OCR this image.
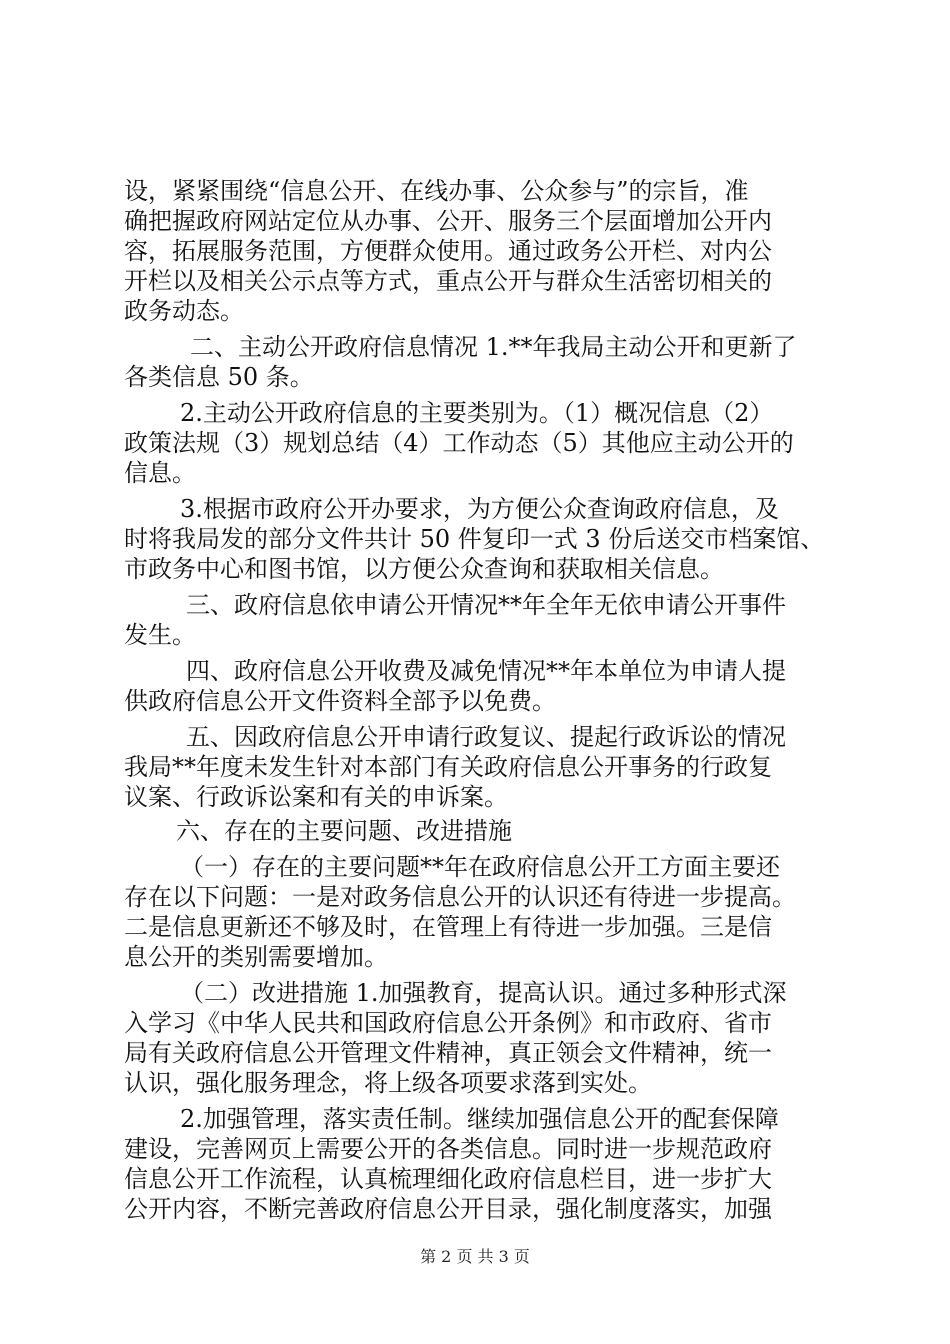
设，紧紧围绕“信息公开、在线办事、公众参与”的宗旨，准
确把握政府网站定位从办事、公开、服务三个层面增加公开内
容，拓展服务范围，方便群众使用。通过政务公开栏、对内公
开栏以及相关公示点等方式，重点公开与群众生活密切相关的
政务动态。
二、主动公开政府信息情况 1.**年我局主动公开和更新了
各类信息 50 条。
2.主动公开政府信息的主要类别为。（1）概况信息（2）
政策法规（3）规划总结（4）工作动态（5）其他应主动公开的
信息。
3.根据市政府公开办要求，为方便公众查询政府信息，及
时将我局发的部分文件共计 50 件复印一式 3 份后送交市档案馆、
市政务中心和图书馆，以方便公众查询和获取相关信息。
三、政府信息依申请公开情况**年全年无依申请公开事件
发生。
四、政府信息公开收费及减免情况**年本单位为申请人提
供政府信息公开文件资料全部予以免费。
五、因政府信息公开申请行政复议、提起行政诉讼的情况
我局**年度未发生针对本部门有关政府信息公开事务的行政复
议案、行政诉讼案和有关的申诉案。
六、存在的主要问题、改进措施
（一）存在的主要问题**年在政府信息公开工方面主要还
存在以下问题：一是对政务信息公开的认识还有待进一步提高。
二是信息更新还不够及时，在管理上有待进一步加强。三是信
息公开的类别需要增加。
（二）改进措施 1.加强教育，提高认识。通过多种形式深
入学习《中华人民共和国政府信息公开条例》和市政府、省市
局有关政府信息公开管理文件精神，真正领会文件精神，统一
认识，强化服务理念，将上级各项要求落到实处。
2.加强管理，落实责任制。继续加强信息公开的配套保障
建设，完善网页上需要公开的各类信息。同时进一步规范政府
信息公开工作流程，认真梳理细化政府信息栏目，进一步扩大
公开内容，不断完善政府信息公开目录，强化制度落实，加强
第 2 页 共 3 页
